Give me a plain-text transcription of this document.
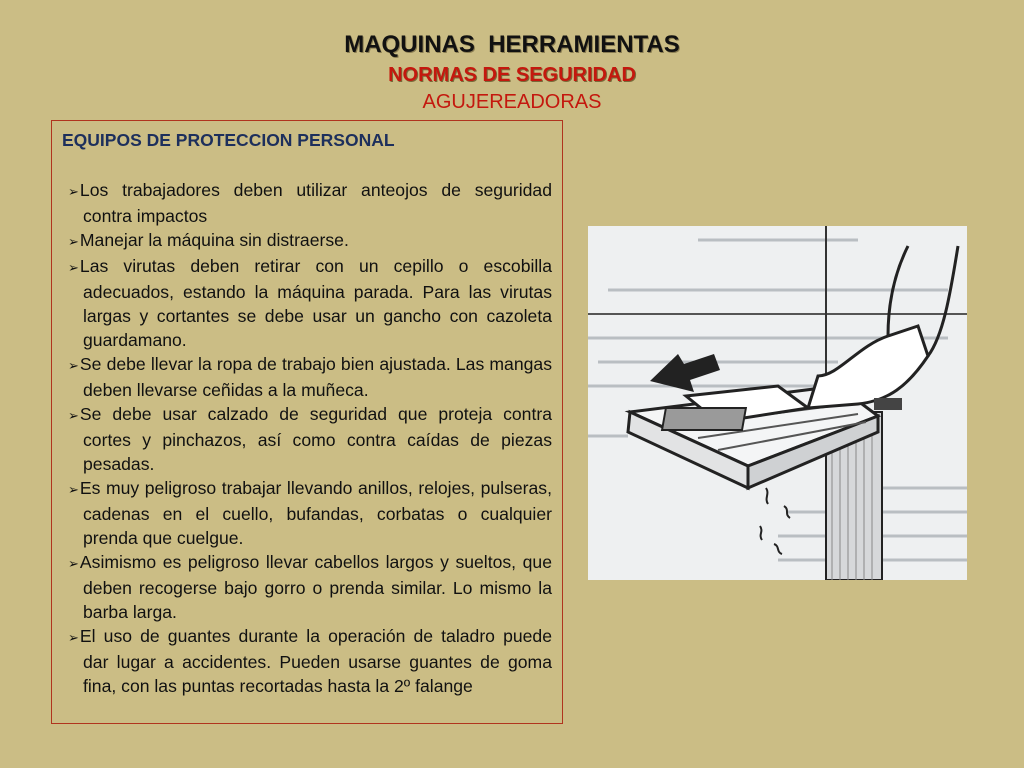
MAQUINAS  HERRAMIENTAS
NORMAS DE SEGURIDAD
AGUJEREADORAS
EQUIPOS DE PROTECCION PERSONAL
➢Los trabajadores deben utilizar anteojos de seguridad contra impactos
➢Manejar la máquina sin distraerse.
➢Las virutas deben retirar con un cepillo o escobilla adecuados, estando la máquina parada. Para las virutas largas y cortantes se debe usar un gancho con cazoleta guardamano.
➢Se debe llevar la ropa de trabajo bien ajustada. Las mangas deben llevarse ceñidas a la muñeca.
➢Se debe usar calzado de seguridad que proteja contra cortes y pinchazos, así como contra caídas de piezas pesadas.
➢Es muy peligroso trabajar llevando anillos, relojes, pulseras, cadenas en el cuello, bufandas, corbatas o cualquier prenda que cuelgue.
➢Asimismo es peligroso llevar cabellos largos y sueltos, que deben recogerse bajo gorro o prenda similar. Lo mismo la barba larga.
➢El uso de guantes durante la operación de taladro puede dar lugar a accidentes. Pueden usarse guantes de goma fina, con las puntas recortadas hasta la 2º falange
